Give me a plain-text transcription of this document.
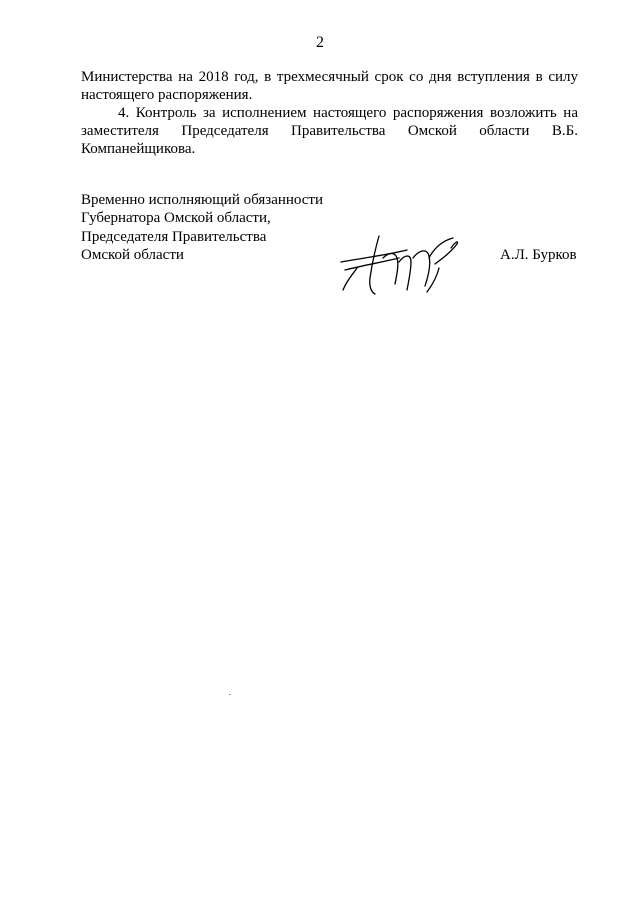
2
Министерства на 2018 год, в трехмесячный срок со дня вступления в силу настоящего распоряжения.
4. Контроль за исполнением настоящего распоряжения возложить на заместителя Председателя Правительства Омской области В.Б. Компанейщикова.
Временно исполняющий обязанности
Губернатора Омской области,
Председателя Правительства
Омской области	А.Л. Бурков
